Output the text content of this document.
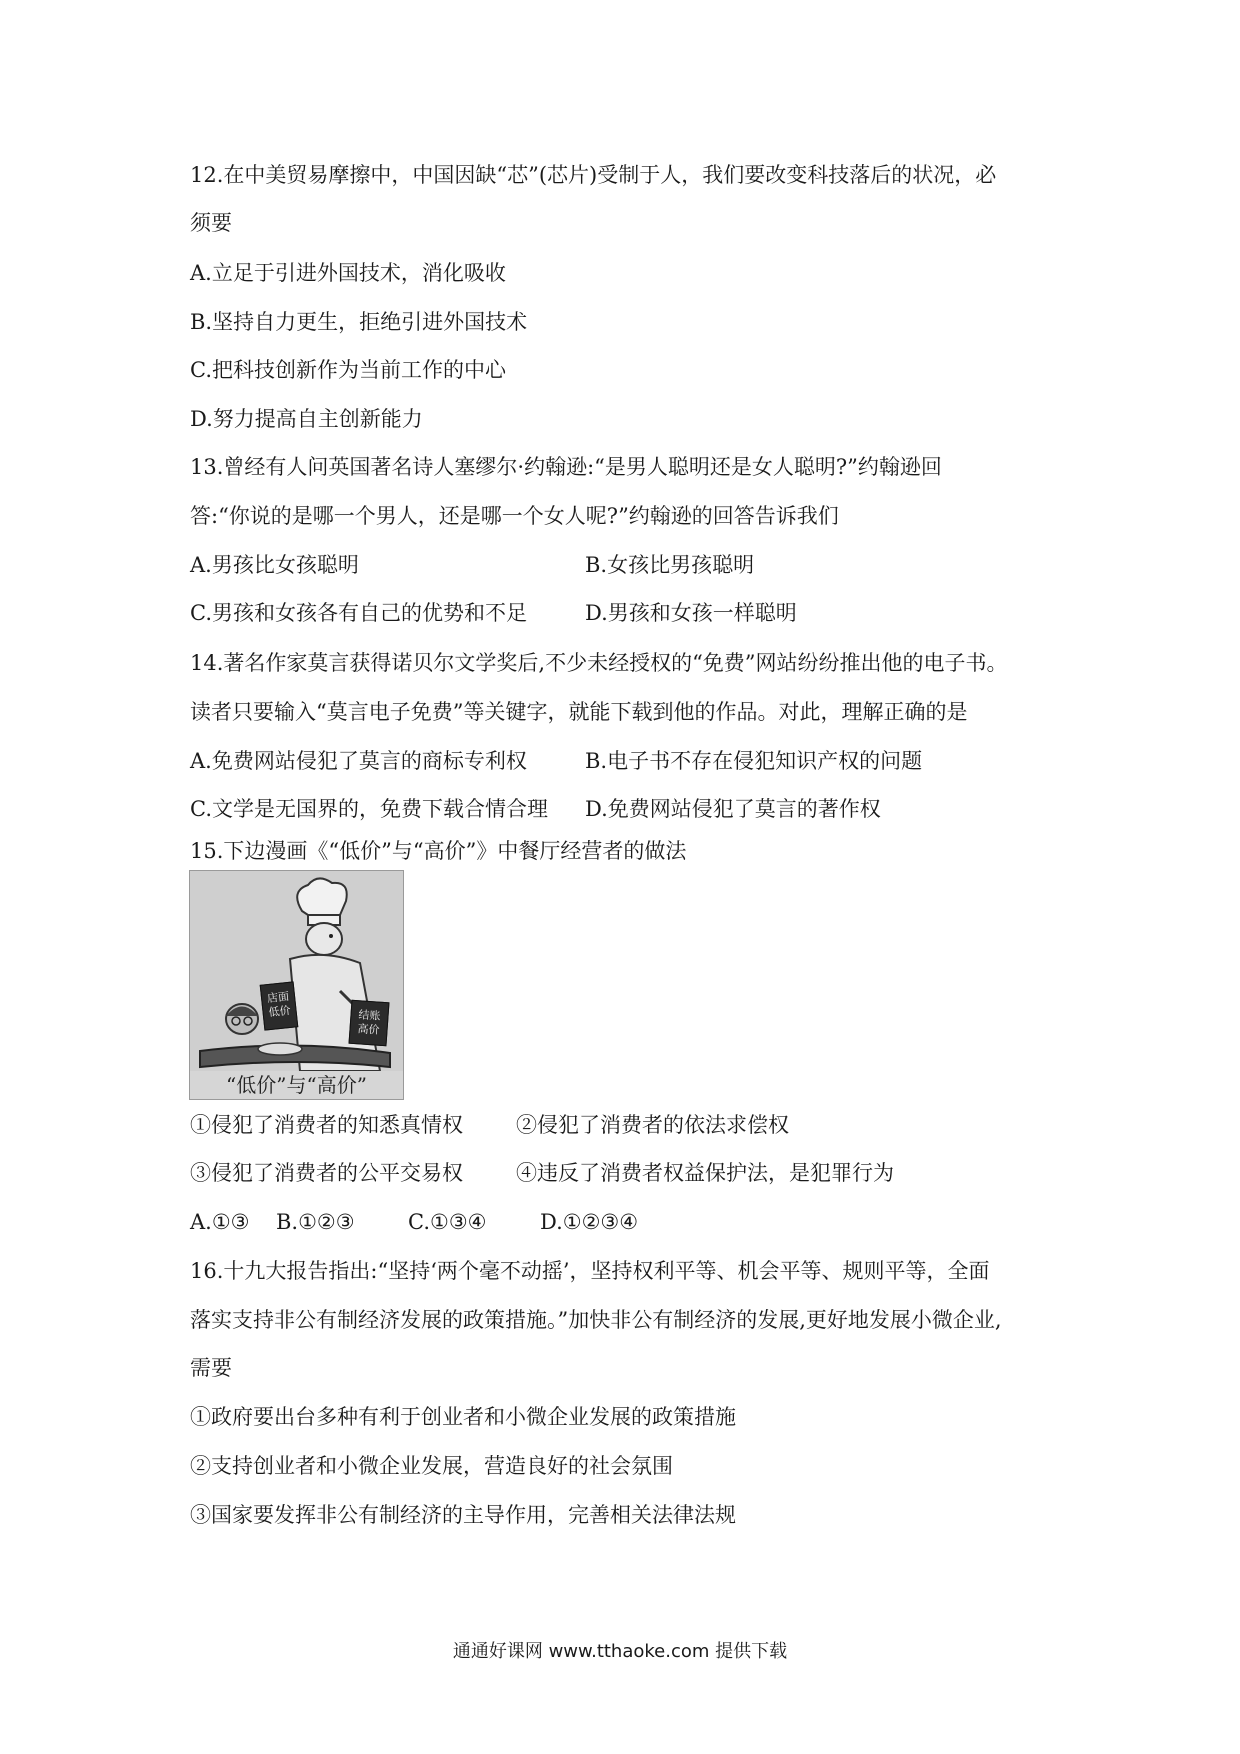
12.在中美贸易摩擦中，中国因缺“芯”(芯片)受制于人，我们要改变科技落后的状况，必
须要
A.立足于引进外国技术，消化吸收
B.坚持自力更生，拒绝引进外国技术
C.把科技创新作为当前工作的中心
D.努力提高自主创新能力
13.曾经有人问英国著名诗人塞缪尔·约翰逊:“是男人聪明还是女人聪明?”约翰逊回
答:“你说的是哪一个男人，还是哪一个女人呢?”约翰逊的回答告诉我们
A.男孩比女孩聪明	B.女孩比男孩聪明
C.男孩和女孩各有自己的优势和不足	D.男孩和女孩一样聪明
14.著名作家莫言获得诺贝尔文学奖后,不少未经授权的“免费”网站纷纷推出他的电子书。
读者只要输入“莫言电子免费”等关键字，就能下载到他的作品。对此，理解正确的是
A.免费网站侵犯了莫言的商标专利权	B.电子书不存在侵犯知识产权的问题
C.文学是无国界的，免费下载合情合理 D.免费网站侵犯了莫言的著作权
15.下边漫画《“低价”与“高价”》中餐厅经营者的做法
店面
低价	结账
高价
“低价”与“高价”
①侵犯了消费者的知悉真情权	②侵犯了消费者的依法求偿权
③侵犯了消费者的公平交易权	④违反了消费者权益保护法，是犯罪行为
A.①③ B.①②③	C.①③④	D.①②③④
16.十九大报告指出:“坚持‘两个毫不动摇’，坚持权利平等、机会平等、规则平等，全面
落实支持非公有制经济发展的政策措施。”加快非公有制经济的发展,更好地发展小微企业,
需要
①政府要出台多种有利于创业者和小微企业发展的政策措施
②支持创业者和小微企业发展，营造良好的社会氛围
③国家要发挥非公有制经济的主导作用，完善相关法律法规
通通好课网 www.tthaoke.com 提供下载
